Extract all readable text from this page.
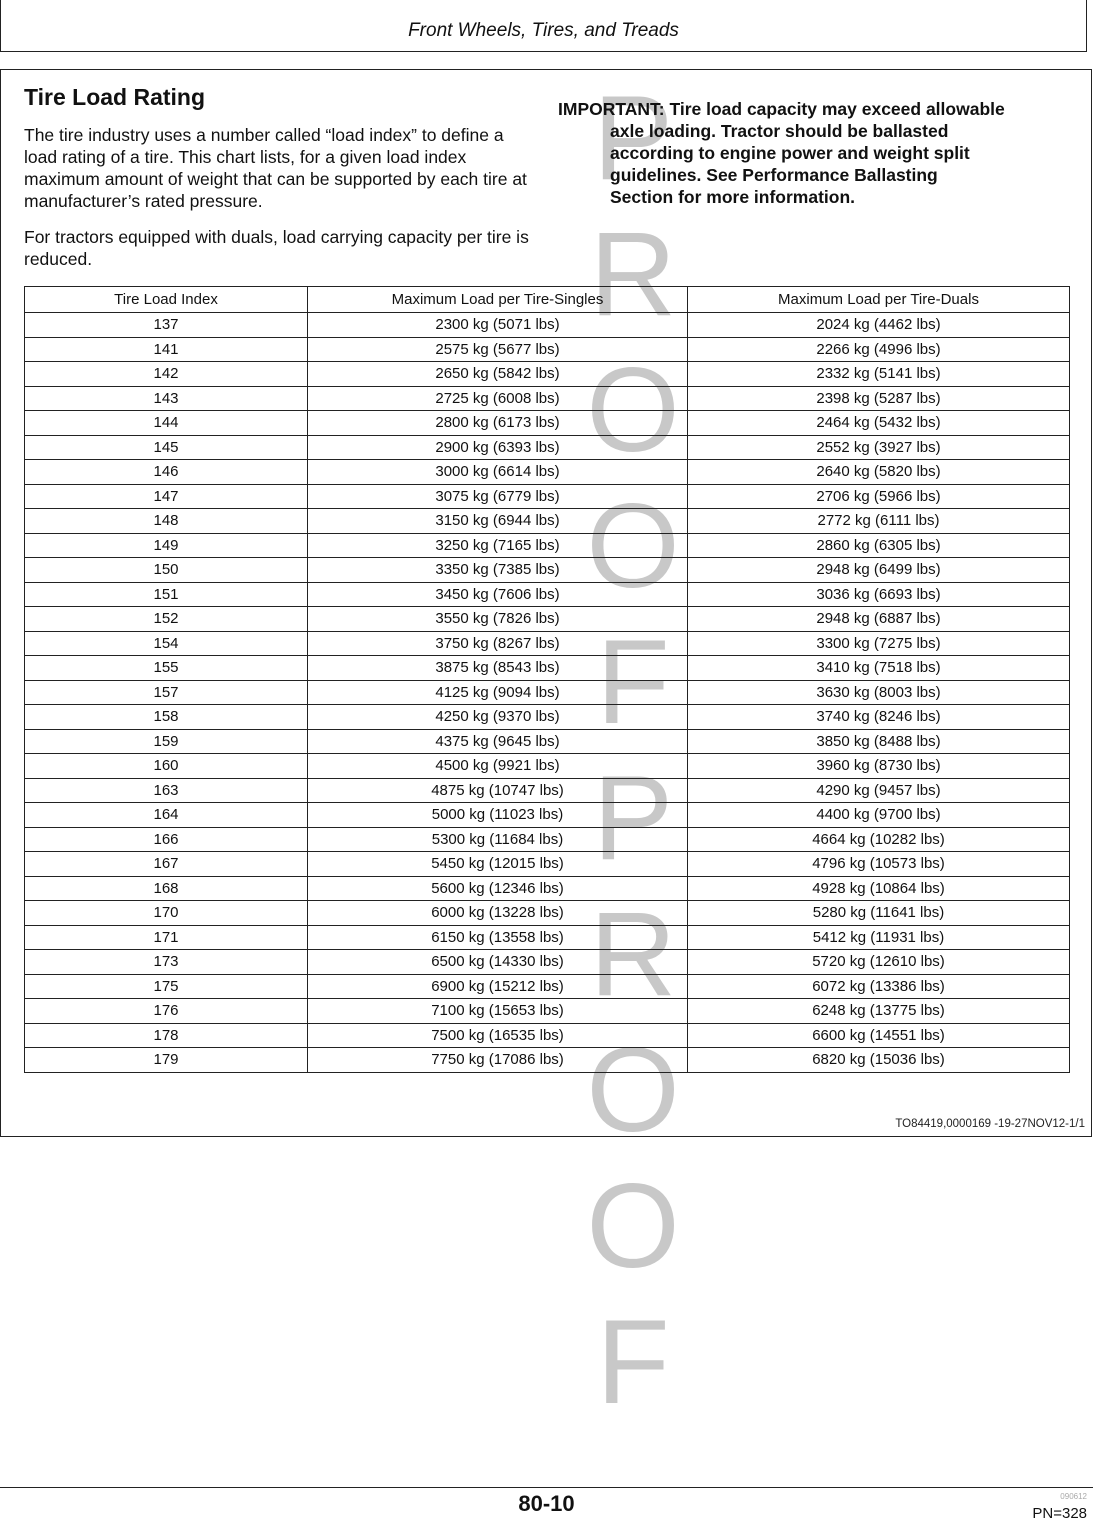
Front Wheels, Tires, and Treads
P
R
O
O
F
P
R
O
O
F
Tire Load Rating
The tire industry uses a number called “load index” to define a load rating of a tire. This chart lists, for a given load index maximum amount of weight that can be supported by each tire at manufacturer’s rated pressure.
For tractors equipped with duals, load carrying capacity per tire is reduced.
IMPORTANT: Tire load capacity may exceed allowable
axle loading. Tractor should be ballasted
according to engine power and weight split
guidelines. See Performance Ballasting
Section for more information.
Tire Load Index	Maximum Load per Tire-Singles	Maximum Load per Tire-Duals
137	2300 kg (5071 lbs)	2024 kg (4462 lbs)
141	2575 kg (5677 lbs)	2266 kg (4996 lbs)
142	2650 kg (5842 lbs)	2332 kg (5141 lbs)
143	2725 kg (6008 lbs)	2398 kg (5287 lbs)
144	2800 kg (6173 lbs)	2464 kg (5432 lbs)
145	2900 kg (6393 lbs)	2552 kg (3927 lbs)
146	3000 kg (6614 lbs)	2640 kg (5820 lbs)
147	3075 kg (6779 lbs)	2706 kg (5966 lbs)
148	3150 kg (6944 lbs)	2772 kg (6111 lbs)
149	3250 kg (7165 lbs)	2860 kg (6305 lbs)
150	3350 kg (7385 lbs)	2948 kg (6499 lbs)
151	3450 kg (7606 lbs)	3036 kg (6693 lbs)
152	3550 kg (7826 lbs)	2948 kg (6887 lbs)
154	3750 kg (8267 lbs)	3300 kg (7275 lbs)
155	3875 kg (8543 lbs)	3410 kg (7518 lbs)
157	4125 kg (9094 lbs)	3630 kg (8003 lbs)
158	4250 kg (9370 lbs)	3740 kg (8246 lbs)
159	4375 kg (9645 lbs)	3850 kg (8488 lbs)
160	4500 kg (9921 lbs)	3960 kg (8730 lbs)
163	4875 kg (10747 lbs)	4290 kg (9457 lbs)
164	5000 kg (11023 lbs)	4400 kg (9700 lbs)
166	5300 kg (11684 lbs)	4664 kg (10282 lbs)
167	5450 kg (12015 lbs)	4796 kg (10573 lbs)
168	5600 kg (12346 lbs)	4928 kg (10864 lbs)
170	6000 kg (13228 lbs)	5280 kg (11641 lbs)
171	6150 kg (13558 lbs)	5412 kg (11931 lbs)
173	6500 kg (14330 lbs)	5720 kg (12610 lbs)
175	6900 kg (15212 lbs)	6072 kg (13386 lbs)
176	7100 kg (15653 lbs)	6248 kg (13775 lbs)
178	7500 kg (16535 lbs)	6600 kg (14551 lbs)
179	7750 kg (17086 lbs)	6820 kg (15036 lbs)
TO84419,0000169 -19-27NOV12-1/1
80-10	090612
PN=328
